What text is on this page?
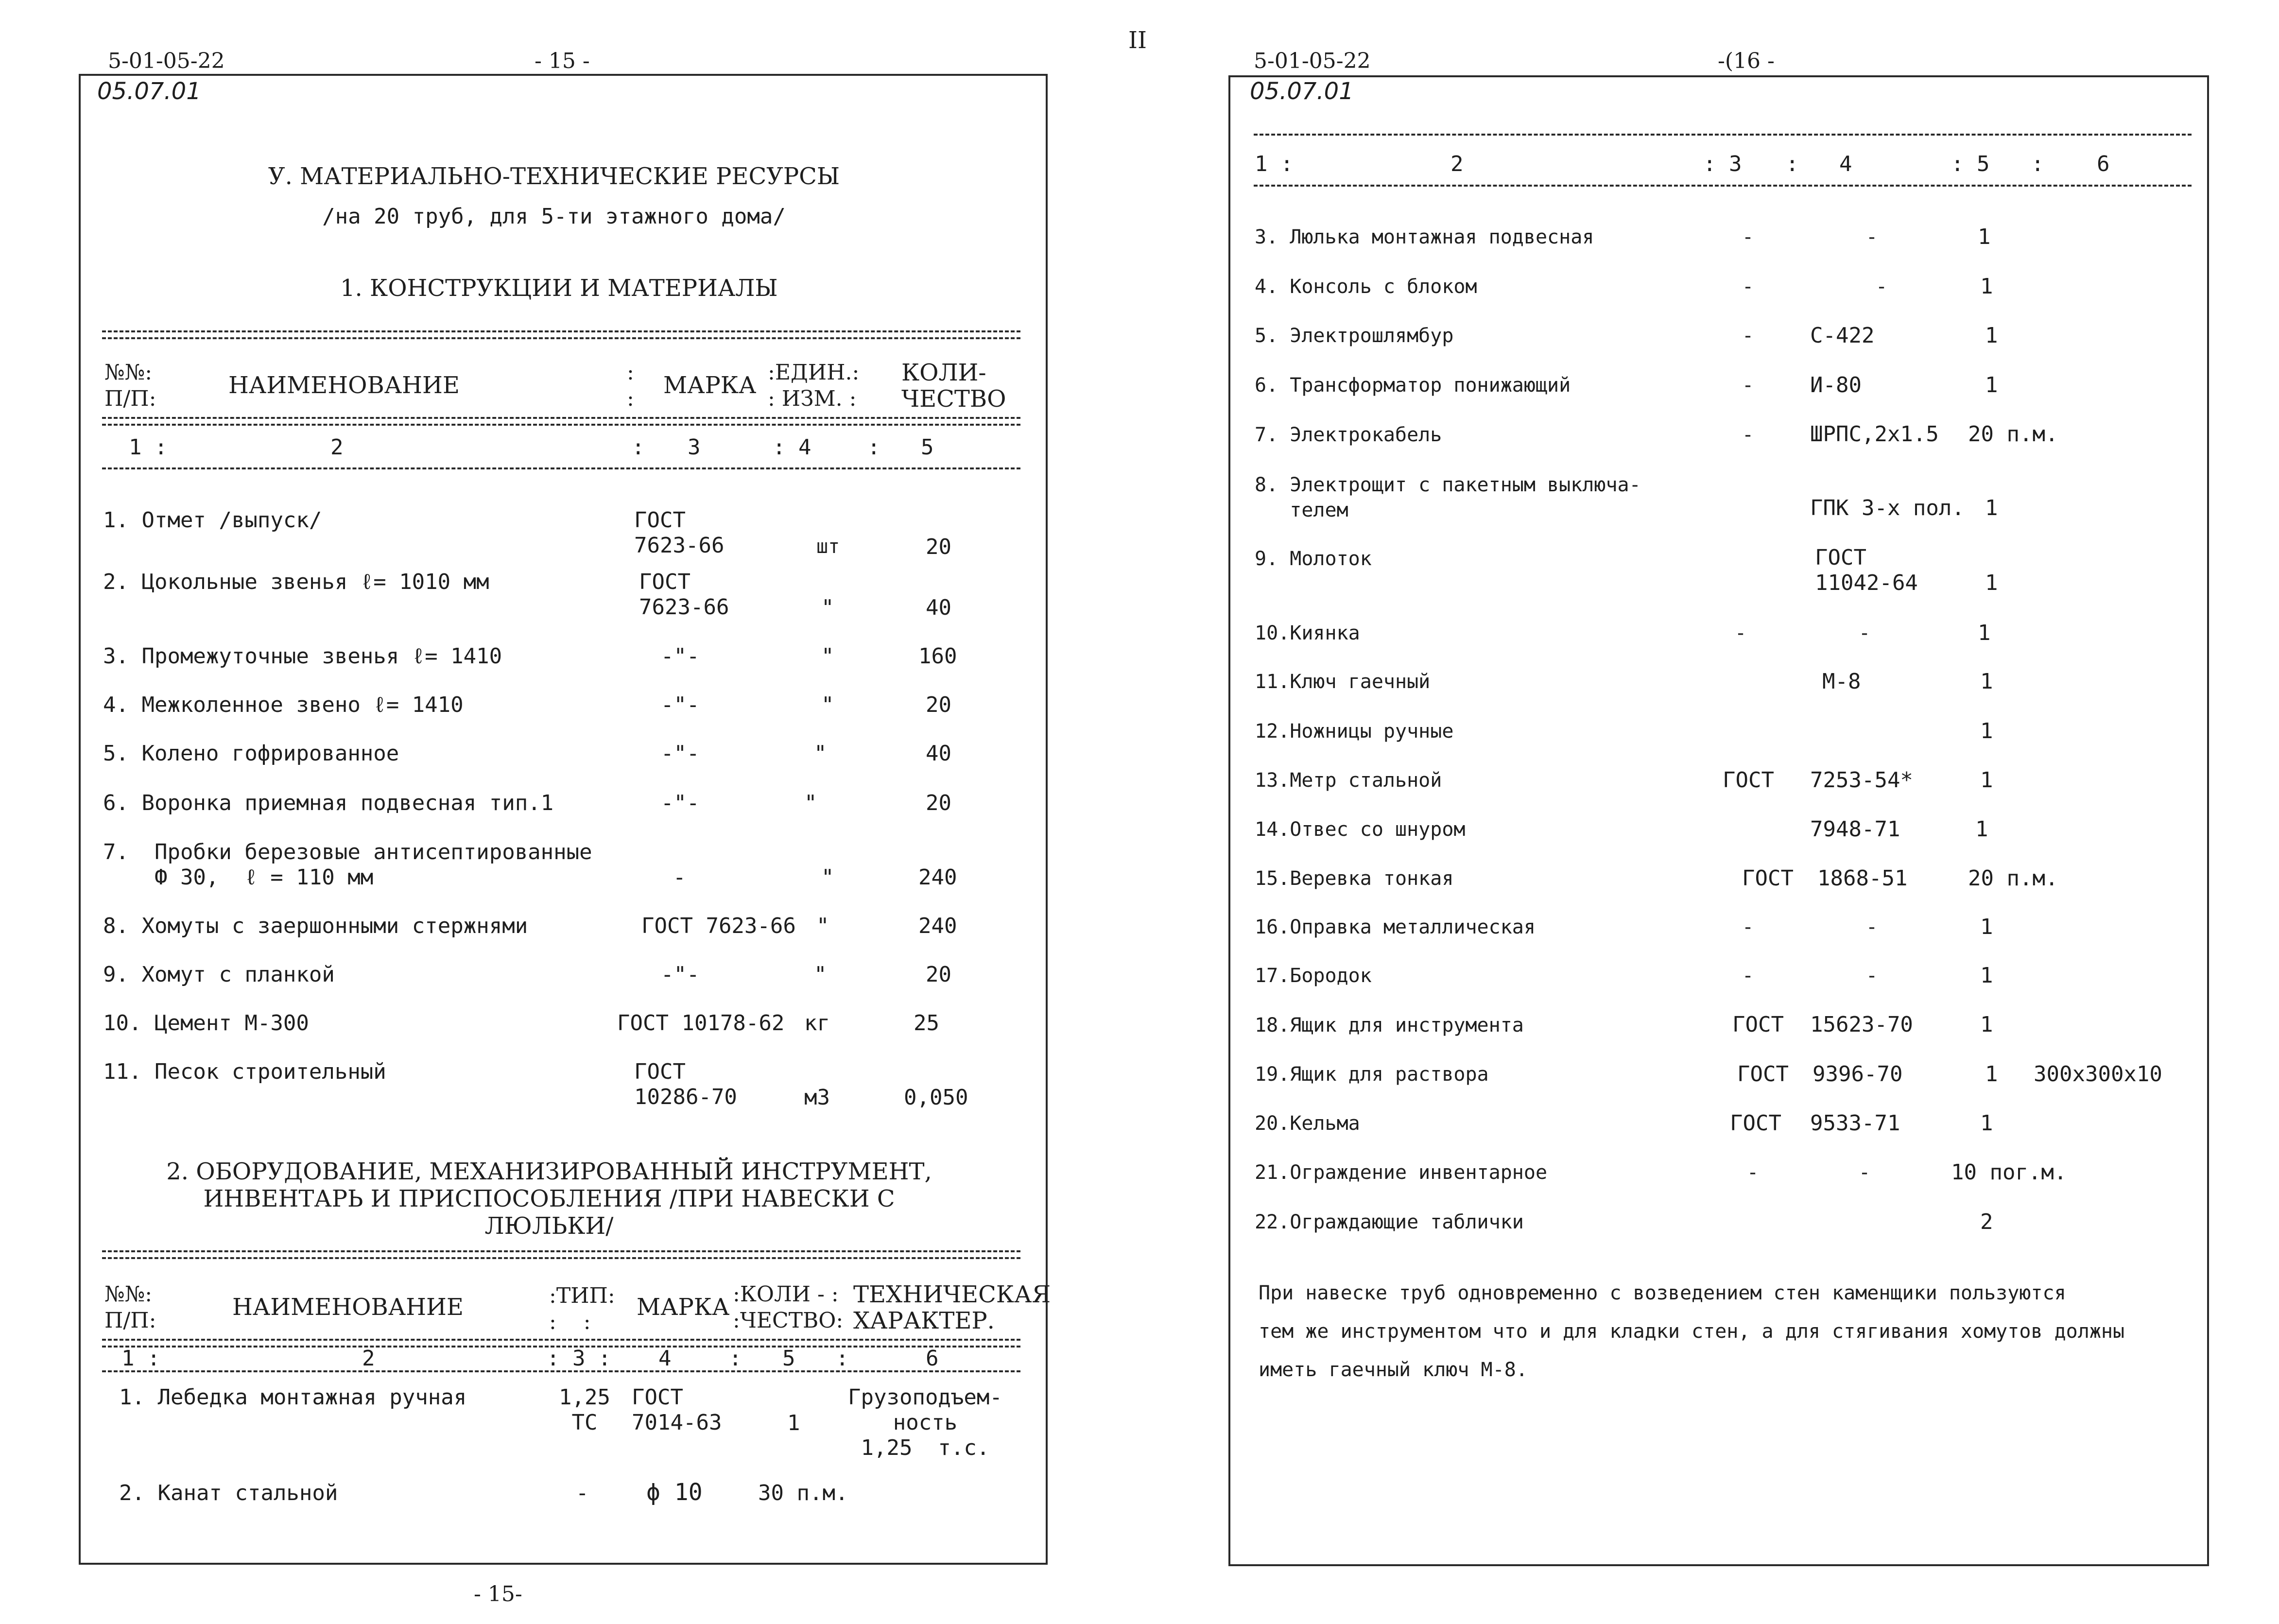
II
5-01-05-22	- 15 -
05.07.01
У. МАТЕРИАЛЬНО-ТЕХНИЧЕСКИЕ РЕСУРСЫ
/на 20 труб, для 5-ти этажного дома/
1. КОНСТРУКЦИИ И МАТЕРИАЛЫ
№№:
П/П:	НАИМЕНОВАНИЕ	:
: МАРКА :ЕДИН.:
: ИЗМ. :
КОЛИ-
ЧЕСТВО
1 :	2	: 3	: 4	: 5
1. Отмет /выпуск/	ГОСТ
7623-66	шт	20
2. Цокольные звенья ℓ= 1010 мм	ГОСТ
7623-66	"	40
3. Промежуточные звенья ℓ= 1410	-"-	"	160
4. Межколенное звено ℓ= 1410	-"-	"	20
5. Колено гофрированное	-"-	"	40
6. Воронка приемная подвесная тип.1	-"-	"	20
7.  Пробки березовые антисептированные
Ф 30,  ℓ = 110 мм	-	"	240
8. Хомуты с заершонными стержнями	ГОСТ 7623-66 "	240
9. Хомут с планкой	-"-	"	20
10. Цемент М-300	ГОСТ 10178-62 кг	25
11. Песок строительный	ГОСТ
10286-70	м3	0,050
2. ОБОРУДОВАНИЕ, МЕХАНИЗИРОВАННЫЙ ИНСТРУМЕНТ,
ИНВЕНТАРЬ И ПРИСПОСОБЛЕНИЯ /ПРИ НАВЕСКИ С
ЛЮЛЬКИ/
№№:
П/П:	НАИМЕНОВАНИЕ	:ТИП:
:    :
МАРКА :КОЛИ - :
:ЧЕСТВО:
ТЕХНИЧЕСКАЯ
ХАРАКТЕР.
1 :	2	: 3 : 4	: 5 :	6
1. Лебедка монтажная ручная	1,25
TC
ГОСТ
7014-63	1
Грузоподъем-
ность
1,25  т.с.
2. Канат стальной	- ϕ 10	30 п.м.
- 15-
5-01-05-22	-(16 -
05.07.01
1 :	2	: 3 : 4	: 5 : 6
3. Люлька монтажная подвесная	-	-	1
4. Консоль с блоком	-	-	1
5. Электрошлямбур	-	С-422	1
6. Трансформатор понижающий	-	И-80	1
7. Электрокабель	-	ШРПС,2х1.5 20 п.м.
8. Электрощит с пакетным выключа-
телем	ГПК 3-х пол. 1
9. Молоток	ГОСТ
11042-64	1
10.Киянка	-	-	1
11.Ключ гаечный	М-8	1
12.Ножницы ручные	1
13.Метр стальной	ГОСТ 7253-54*	1
14.Отвес со шнуром	7948-71	1
15.Веревка тонкая	ГОСТ 1868-51	20 п.м.
16.Оправка металлическая	-	-	1
17.Бородок	-	-	1
18.Ящик для инструмента	ГОСТ 15623-70	1
19.Ящик для раствора	ГОСТ 9396-70	1 300х300х10
20.Кельма	ГОСТ 9533-71	1
21.Ограждение инвентарное	-	-	10 пог.м.
22.Ограждающие таблички	2
При навеске труб одновременно с возведением стен каменщики пользуются
тем же инструментом что и для кладки стен, а для стягивания хомутов должны
иметь гаечный ключ М-8.
